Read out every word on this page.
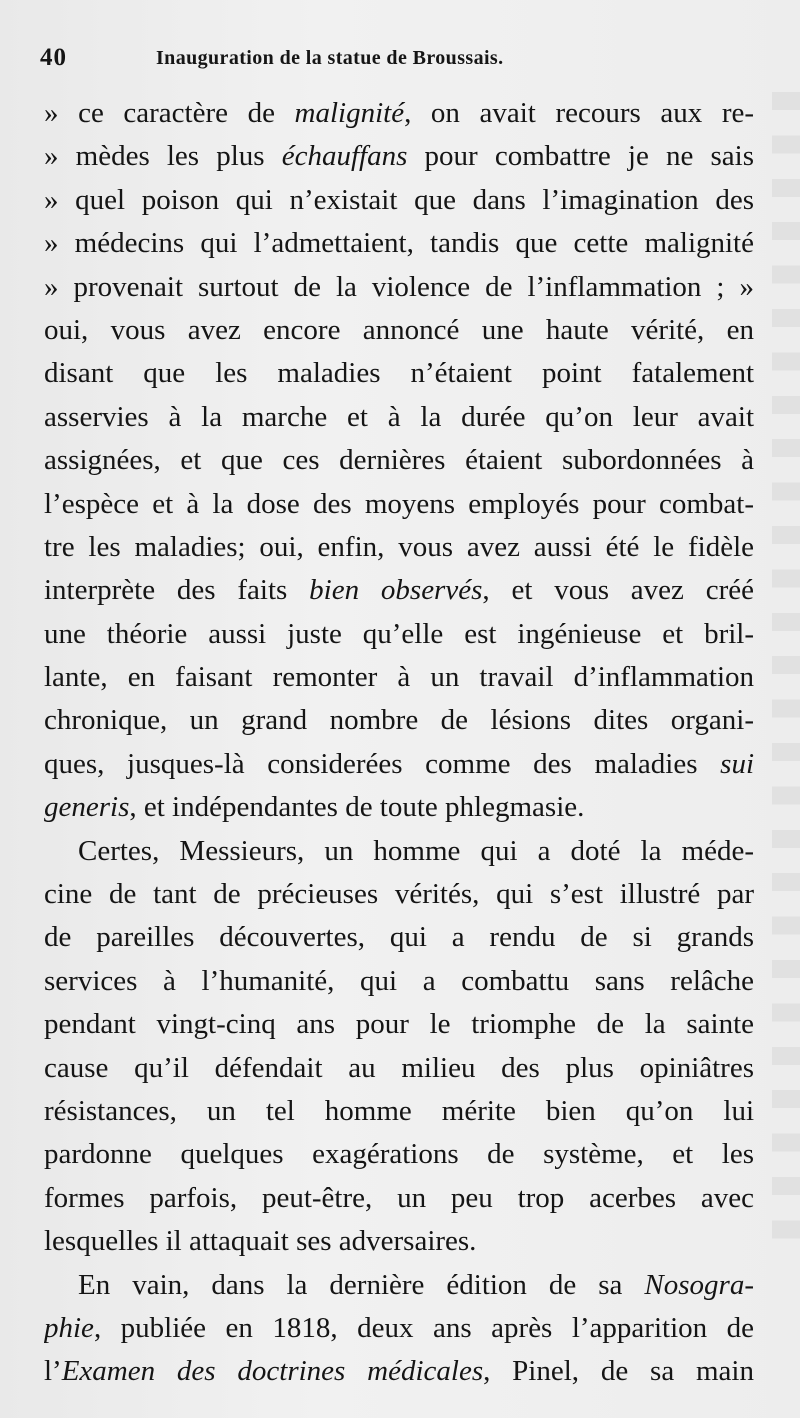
40	Inauguration de la statue de Broussais.
» ce caractère de malignité, on avait recours aux re-
» mèdes les plus échauffans pour combattre je ne sais
» quel poison qui n’existait que dans l’imagination des
» médecins qui l’admettaient, tandis que cette malignité
» provenait surtout de la violence de l’inflammation ; »
oui, vous avez encore annoncé une haute vérité, en
disant que les maladies n’étaient point fatalement
asservies à la marche et à la durée qu’on leur avait
assignées, et que ces dernières étaient subordonnées à
l’espèce et à la dose des moyens employés pour combat-
tre les maladies; oui, enfin, vous avez aussi été le fidèle
interprète des faits bien observés, et vous avez créé
une théorie aussi juste qu’elle est ingénieuse et bril-
lante, en faisant remonter à un travail d’inflammation
chronique, un grand nombre de lésions dites organi-
ques, jusques-là considerées comme des maladies sui
generis, et indépendantes de toute phlegmasie.
Certes, Messieurs, un homme qui a doté la méde-
cine de tant de précieuses vérités, qui s’est illustré par
de pareilles découvertes, qui a rendu de si grands
services à l’humanité, qui a combattu sans relâche
pendant vingt-cinq ans pour le triomphe de la sainte
cause qu’il défendait au milieu des plus opiniâtres
résistances, un tel homme mérite bien qu’on lui
pardonne quelques exagérations de système, et les
formes parfois, peut-être, un peu trop acerbes avec
lesquelles il attaquait ses adversaires.
En vain, dans la dernière édition de sa Nosogra-
phie, publiée en 1818, deux ans après l’apparition de
l’Examen des doctrines médicales, Pinel, de sa main
